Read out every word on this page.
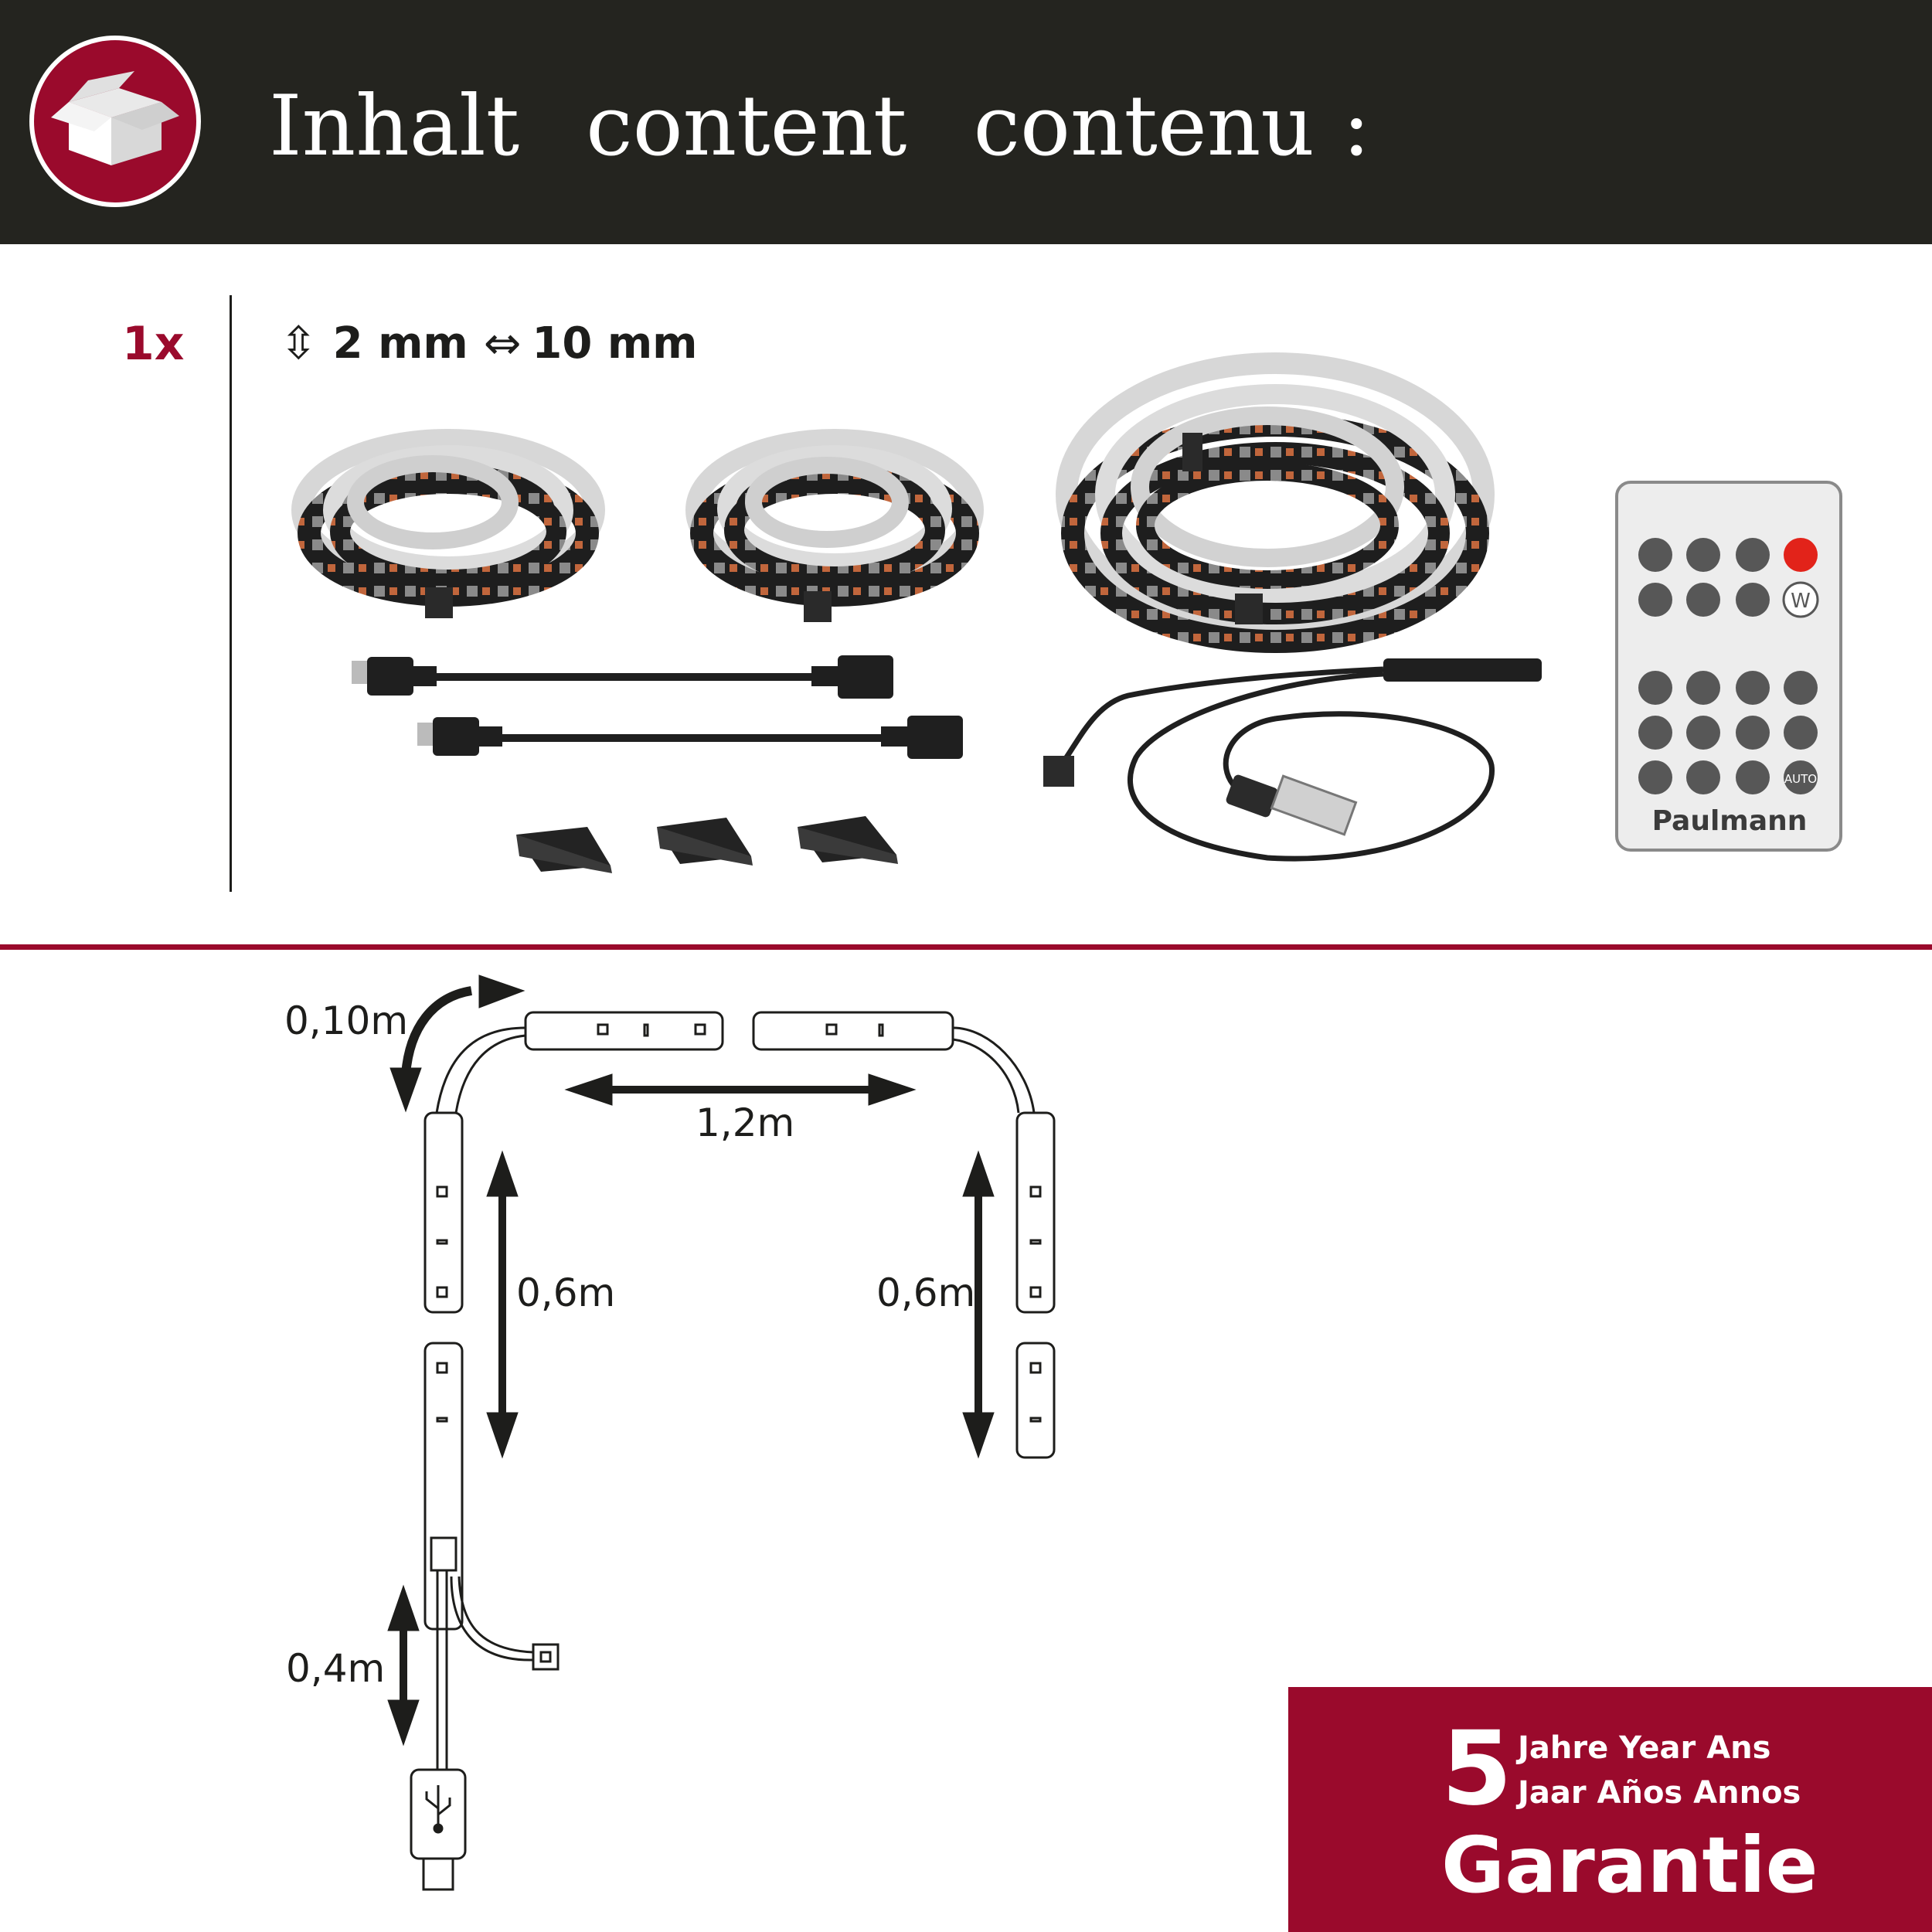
Inhalt content contenu :
1x ⇳ 2 mm ⇔ 10 mm
W
AUTO
Paulmann
0,10m
1,2m
0,6m	0,6m
0,4m
5 Jahre Year Ans
Jaar Años Annos
Garantie
